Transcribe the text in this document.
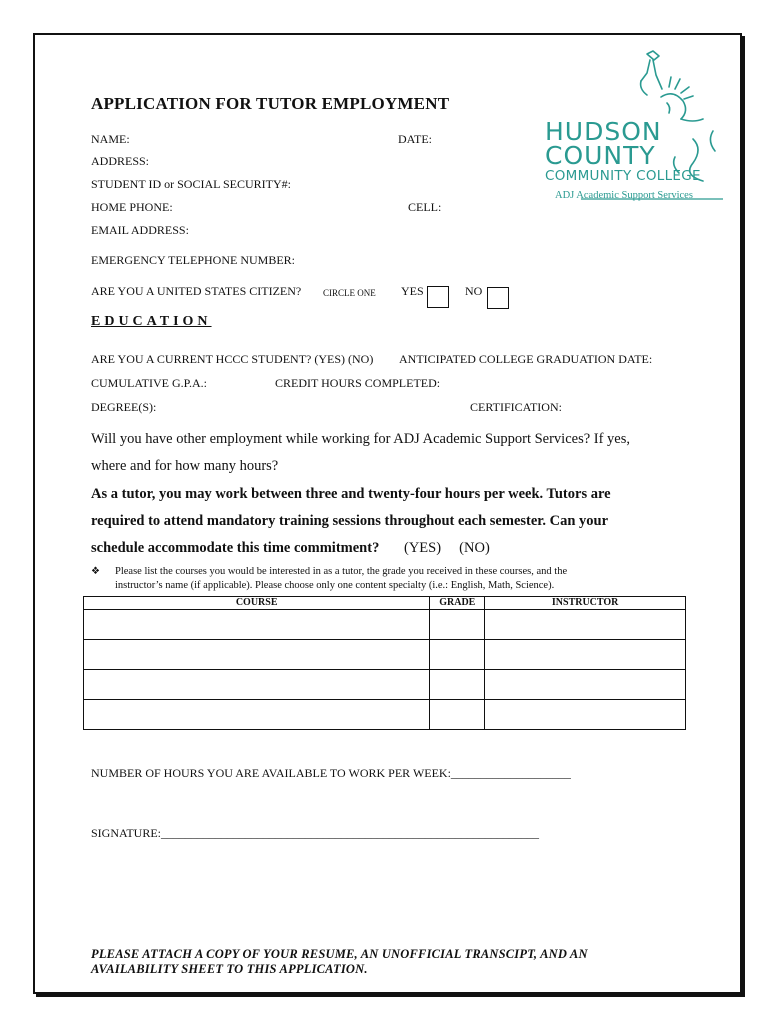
HUDSON
COUNTY
COMMUNITY COLLEGE
ADJ Academic Support Services
APPLICATION FOR TUTOR EMPLOYMENT
NAME:	DATE:
ADDRESS:
STUDENT ID or SOCIAL SECURITY#:
HOME PHONE:	CELL:
EMAIL ADDRESS:
EMERGENCY TELEPHONE NUMBER:
ARE YOU A UNITED STATES CITIZEN? CIRCLE ONE YES	NO
EDUCATION
ARE YOU A CURRENT HCCC STUDENT? (YES) (NO) ANTICIPATED COLLEGE GRADUATION DATE:
CUMULATIVE G.P.A.:	CREDIT HOURS COMPLETED:
DEGREE(S):	CERTIFICATION:
Will you have other employment while working for ADJ Academic Support Services? If yes,
where and for how many hours?
As a tutor, you may work between three and twenty-four hours per week. Tutors are
required to attend mandatory training sessions throughout each semester. Can your
schedule accommodate this time commitment? (YES)     (NO)
❖ Please list the courses you would be interested in as a tutor, the grade you received in these courses, and the
instructor’s name (if applicable). Please choose only one content specialty (i.e.: English, Math, Science).
COURSE	GRADE	INSTRUCTOR

NUMBER OF HOURS YOU ARE AVAILABLE TO WORK PER WEEK:____________________
SIGNATURE:_______________________________________________________________
PLEASE ATTACH A COPY OF YOUR RESUME, AN UNOFFICIAL TRANSCIPT, AND AN
AVAILABILITY SHEET TO THIS APPLICATION.
